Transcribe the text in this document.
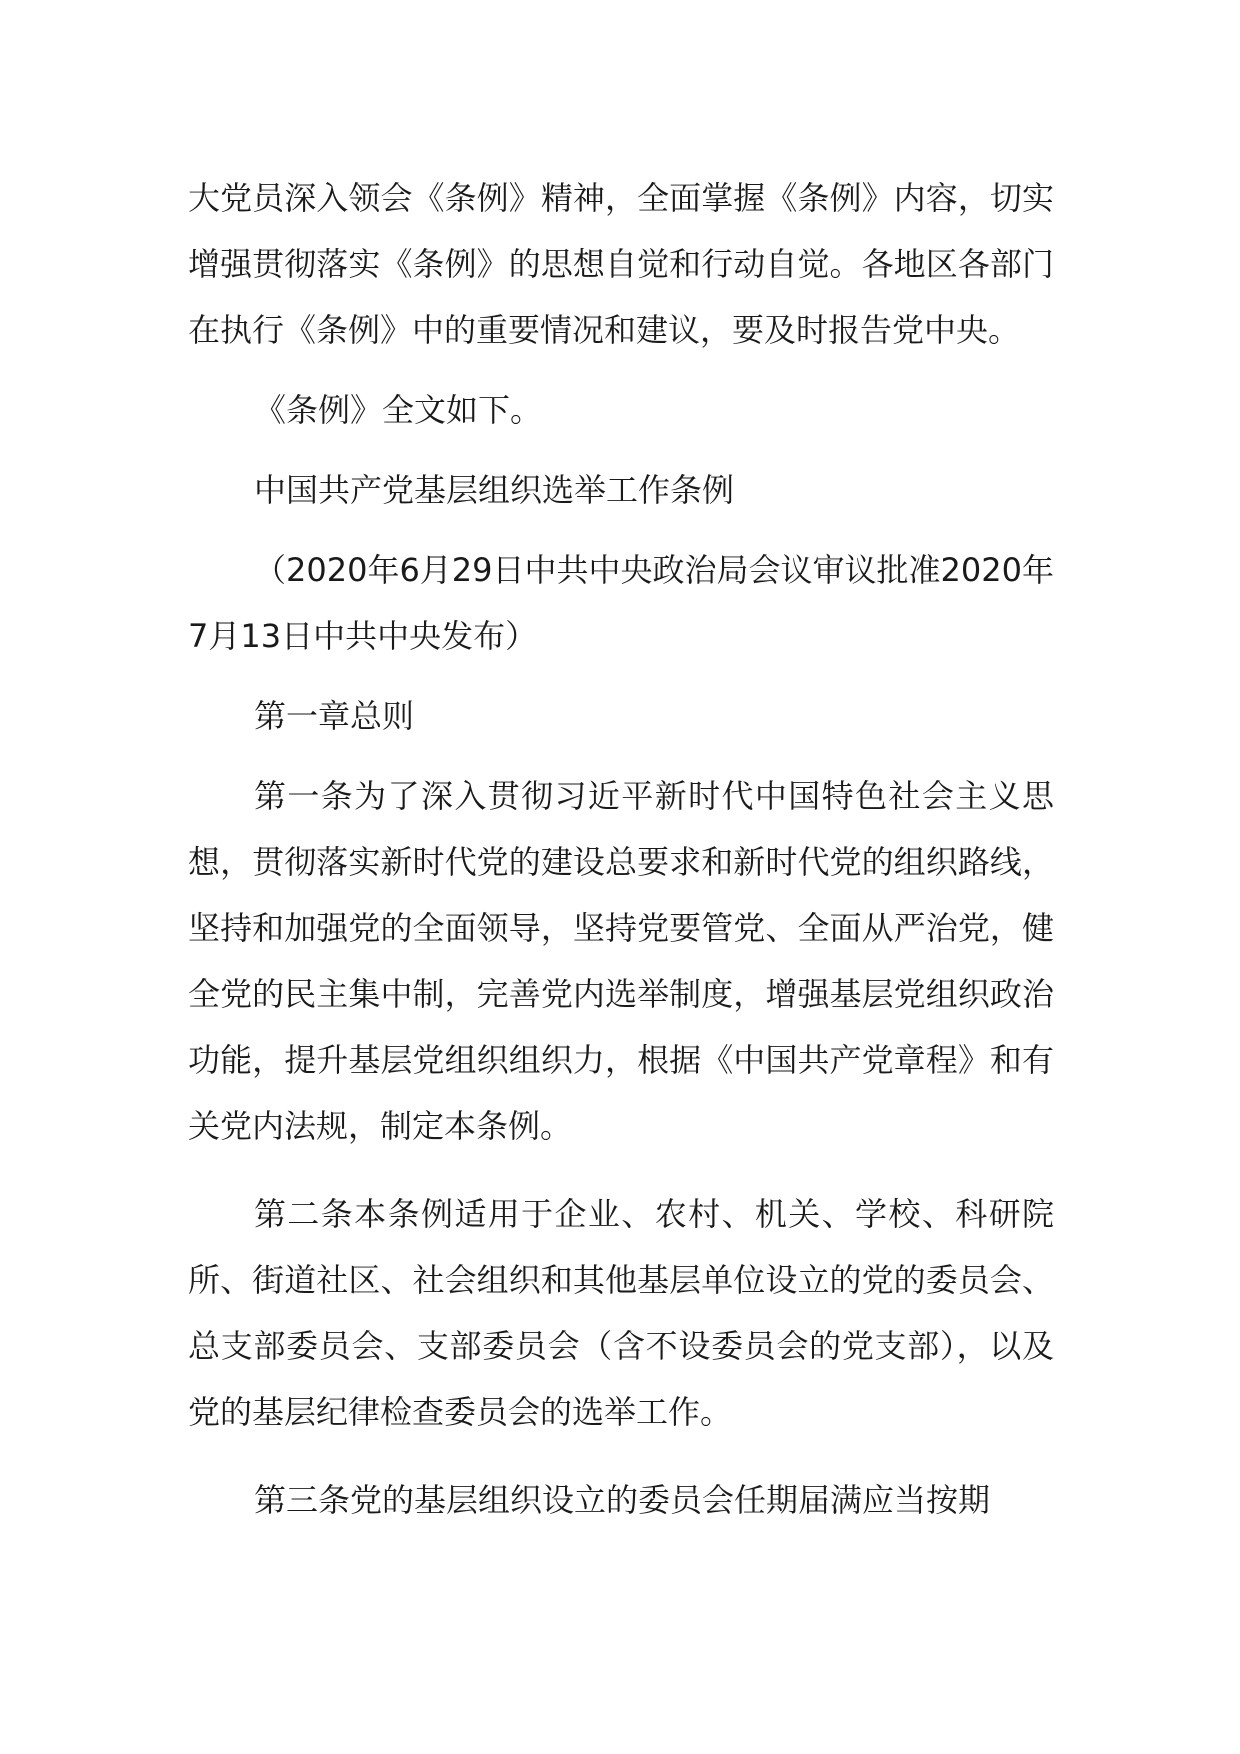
大党员深入领会《条例》精神，全面掌握《条例》内容，切实增强贯彻落实《条例》的思想自觉和行动自觉。各地区各部门在执行《条例》中的重要情况和建议，要及时报告党中央。

《条例》全文如下。

中国共产党基层组织选举工作条例

（2020年6月29日中共中央政治局会议审议批准2020年7月13日中共中央发布）

第一章总则

第一条为了深入贯彻习近平新时代中国特色社会主义思想，贯彻落实新时代党的建设总要求和新时代党的组织路线，坚持和加强党的全面领导，坚持党要管党、全面从严治党，健全党的民主集中制，完善党内选举制度，增强基层党组织政治功能，提升基层党组织组织力，根据《中国共产党章程》和有关党内法规，制定本条例。

第二条本条例适用于企业、农村、机关、学校、科研院所、街道社区、社会组织和其他基层单位设立的党的委员会、总支部委员会、支部委员会（含不设委员会的党支部），以及党的基层纪律检查委员会的选举工作。

第三条党的基层组织设立的委员会任期届满应当按期
